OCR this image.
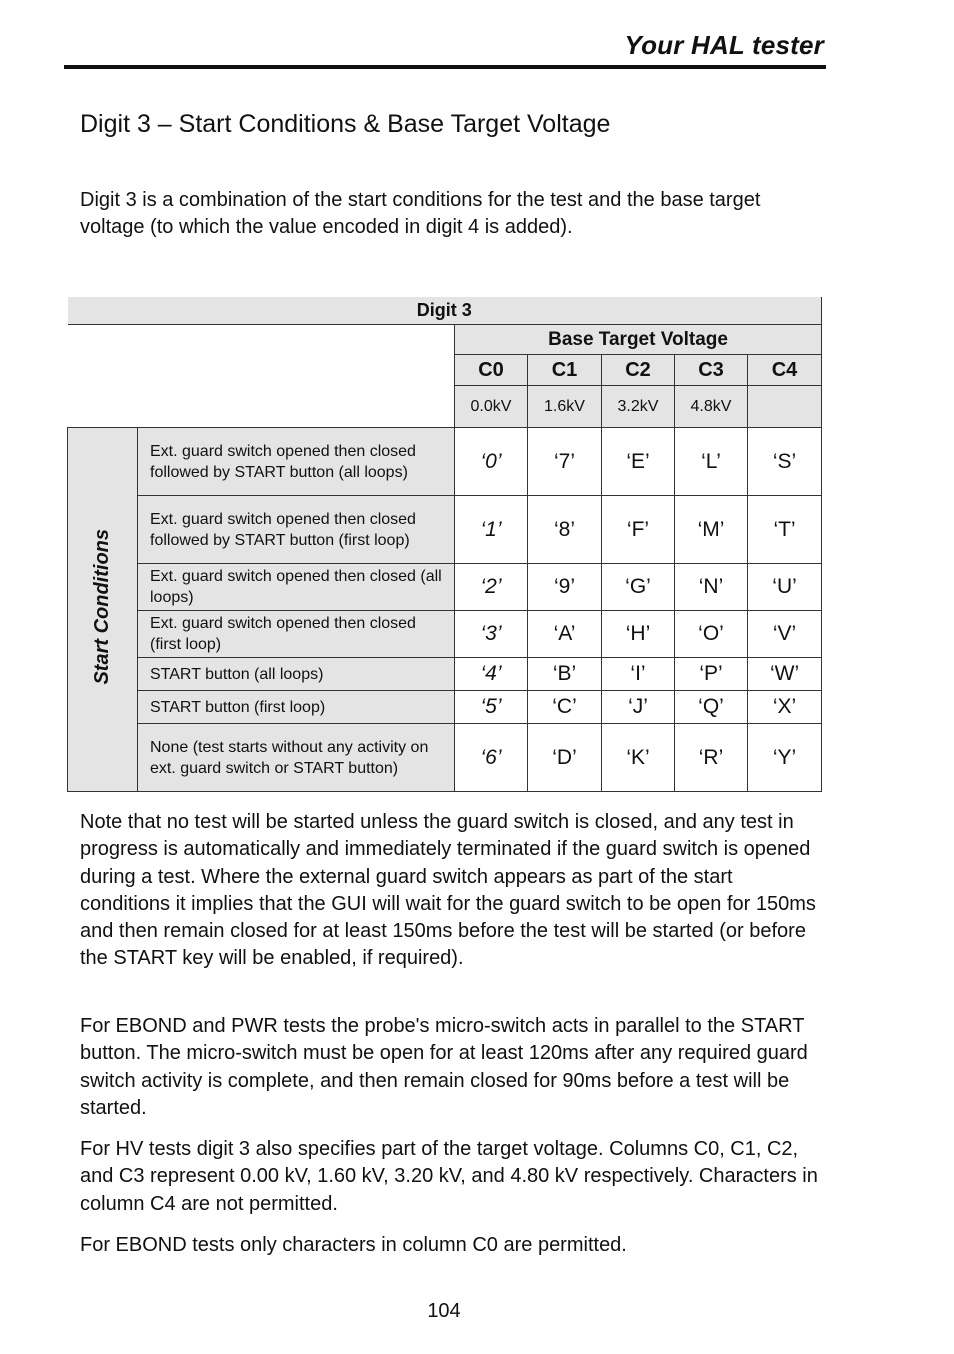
Your HAL tester
Digit 3 – Start Conditions & Base Target Voltage

Digit 3 is a combination of the start conditions for the test and the base target voltage (to which the value encoded in digit 4 is added).

Digit 3						
		Base Target Voltage				
		C0	C1	C2	C3	C4
		0.0kV	1.6kV	3.2kV	4.8kV	
Start Conditions	Ext. guard switch opened then closed followed by START button (all loops)	‘0’	‘7’	‘E’	‘L’	‘S’
	Ext. guard switch opened then closed followed by START button (first loop)	‘1’	‘8’	‘F’	‘M’	‘T’
	Ext. guard switch opened then closed (all loops)	‘2’	‘9’	‘G’	‘N’	‘U’
	Ext. guard switch opened then closed (first loop)	‘3’	‘A’	‘H’	‘O’	‘V’
	START button (all loops)	‘4’	‘B’	‘I’	‘P’	‘W’
	START button (first loop)	‘5’	‘C’	‘J’	‘Q’	‘X’
	None (test starts without any activity on ext. guard switch or START button)	‘6’	‘D’	‘K’	‘R’	‘Y’

Note that no test will be started unless the guard switch is closed, and any test in progress is automatically and immediately terminated if the guard switch is opened during a test. Where the external guard switch appears as part of the start conditions it implies that the GUI will wait for the guard switch to be open for 150ms and then remain closed for at least 150ms before the test will be started (or before the START key will be enabled, if required).

For EBOND and PWR tests the probe's micro-switch acts in parallel to the START button. The micro-switch must be open for at least 120ms after any required guard switch activity is complete, and then remain closed for 90ms before a test will be started.

For HV tests digit 3 also specifies part of the target voltage. Columns C0, C1, C2, and C3 represent 0.00 kV, 1.60 kV, 3.20 kV, and 4.80 kV respectively. Characters in column C4 are not permitted.

For EBOND tests only characters in column C0 are permitted.

104
